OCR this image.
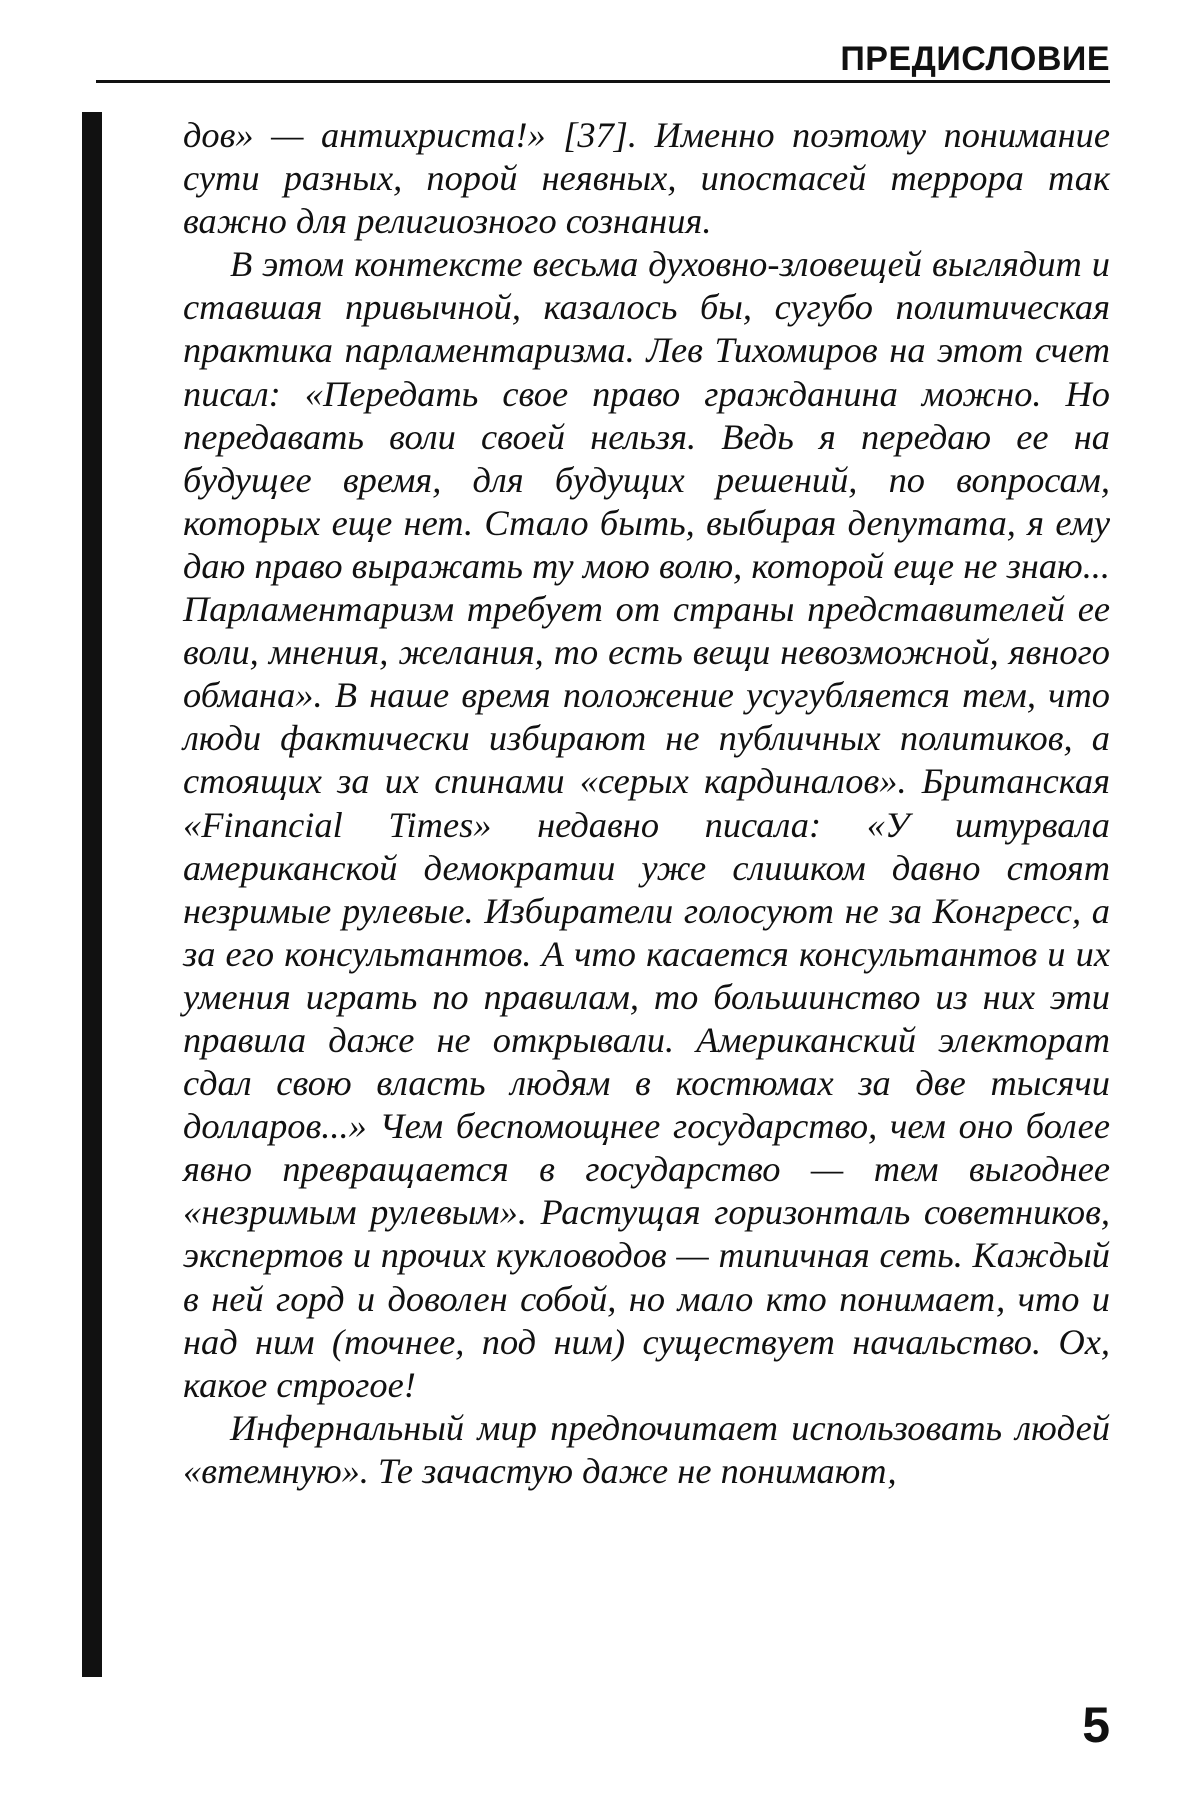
ПРЕДИСЛОВИЕ

дов» — антихриста!» [37]. Именно поэтому понимание сути разных, порой неявных, ипостасей террора так важно для религиозного сознания.

В этом контексте весьма духовно-зловещей выглядит и ставшая привычной, казалось бы, сугубо политическая практика парламентаризма. Лев Тихомиров на этот счет писал: «Передать свое право гражданина можно. Но передавать воли своей нельзя. Ведь я передаю ее на будущее время, для будущих решений, по вопросам, которых еще нет. Стало быть, выбирая депутата, я ему даю право выражать ту мою волю, которой еще не знаю... Парламентаризм требует от страны представителей ее воли, мнения, желания, то есть вещи невозможной, явного обмана». В наше время положение усугубляется тем, что люди фактически избирают не публичных политиков, а стоящих за их спинами «серых кардиналов». Британская «Financial Times» недавно писала: «У штурвала американской демократии уже слишком давно стоят незримые рулевые. Избиратели голосуют не за Конгресс, а за его консультантов. А что касается консультантов и их умения играть по правилам, то большинство из них эти правила даже не открывали. Американский электорат сдал свою власть людям в костюмах за две тысячи долларов...» Чем беспомощнее государство, чем оно более явно превращается в государство — тем выгоднее «незримым рулевым». Растущая горизонталь советников, экспертов и прочих кукловодов — типичная сеть. Каждый в ней горд и доволен собой, но мало кто понимает, что и над ним (точнее, под ним) существует начальство. Ох, какое строгое!

Инфернальный мир предпочитает использовать людей «втемную». Те зачастую даже не понимают,

5
